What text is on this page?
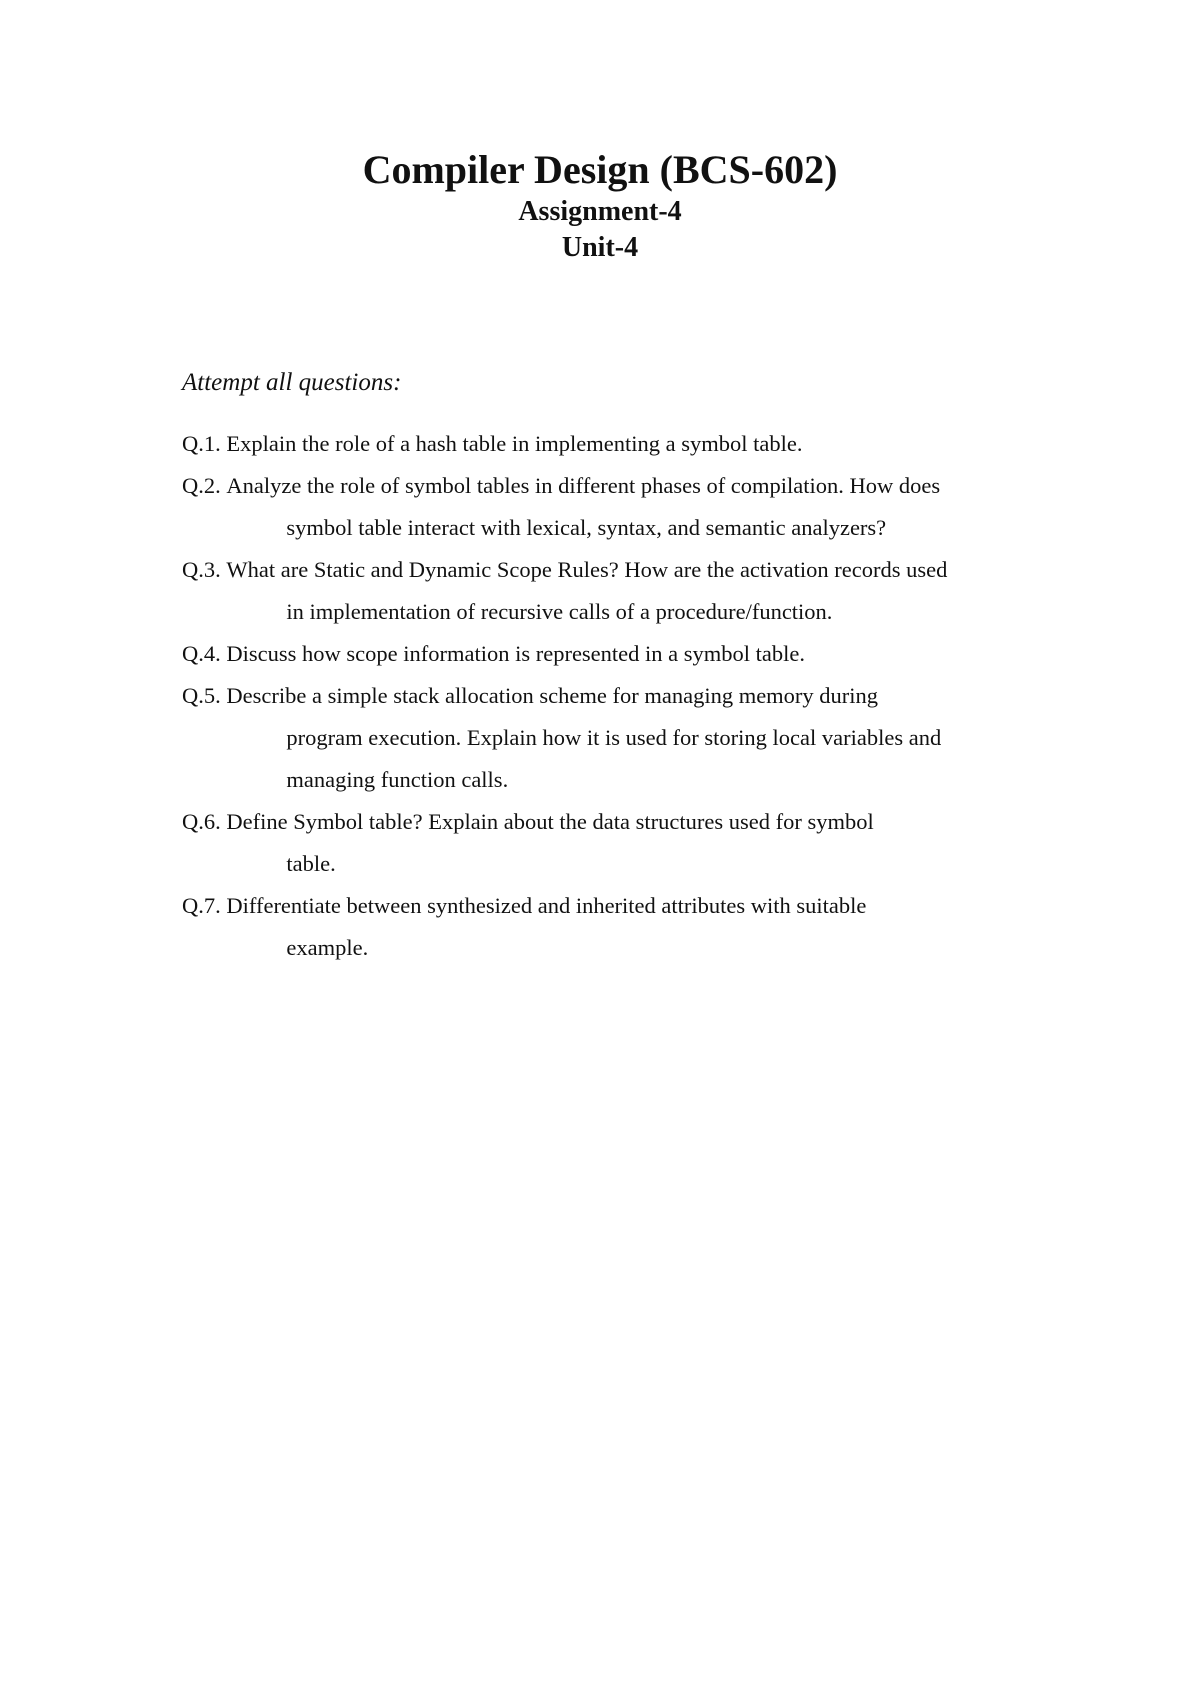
Compiler Design (BCS-602)
Assignment-4
Unit-4
Attempt all questions:
Q.1.
Explain the role of a hash table in implementing a symbol table.
Q.2.
Analyze the role of symbol tables in different phases of compilation. How does
symbol table interact with lexical, syntax, and semantic analyzers?
Q.3.
What are Static and Dynamic Scope Rules? How are the activation records used
in implementation of recursive calls of a procedure/function.
Q.4.
Discuss how scope information is represented in a symbol table.
Q.5.
Describe a simple stack allocation scheme for managing memory during
program execution. Explain how it is used for storing local variables and
managing function calls.
Q.6.
Define Symbol table? Explain about the data structures used for symbol
table.
Q.7.
Differentiate between synthesized and inherited attributes with suitable
example.
